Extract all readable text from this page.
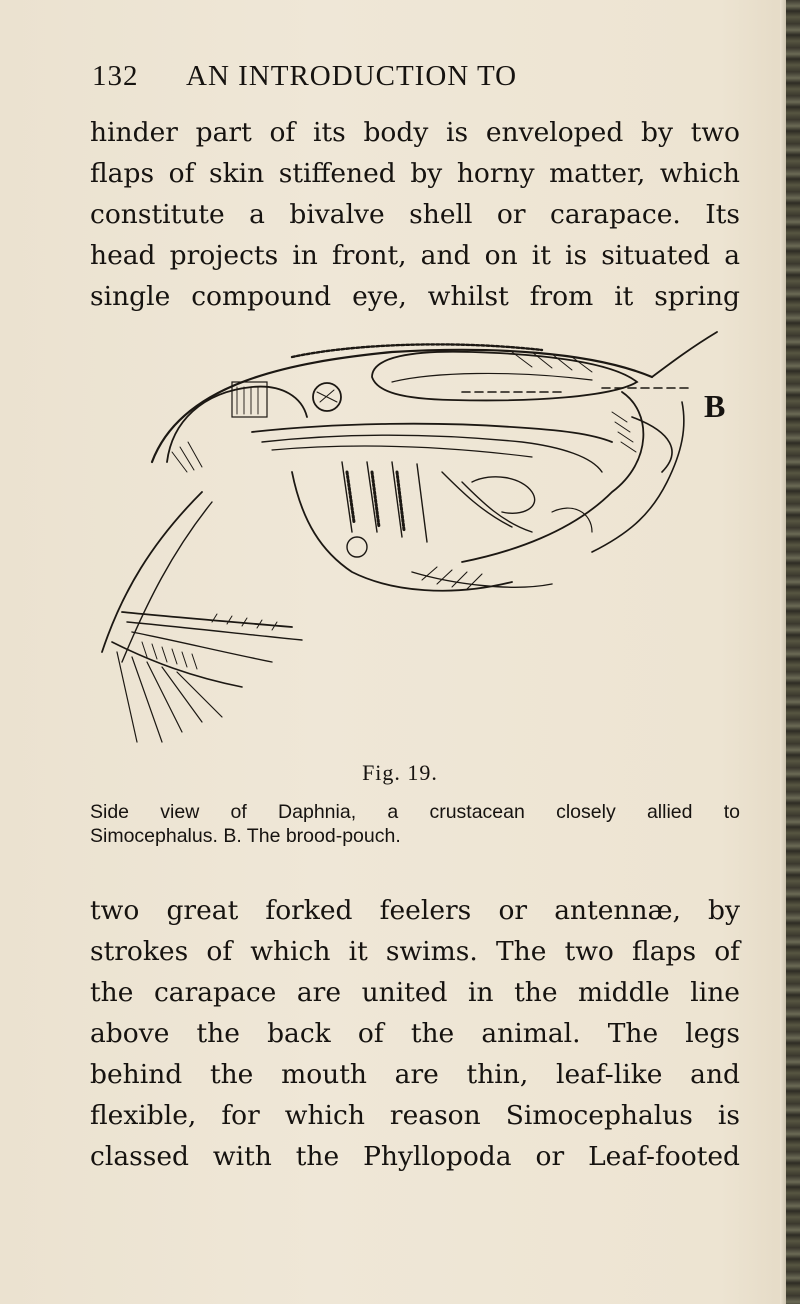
132 AN INTRODUCTION TO
hinder part of its body is enveloped by two
flaps of skin stiffened by horny matter, which
constitute a bivalve shell or carapace. Its
head projects in front, and on it is situated a
single compound eye, whilst from it spring
B
Fig. 19.
Side view of Daphnia, a crustacean closely allied to
Simocephalus. B. The brood-pouch.
two great forked feelers or antennæ, by
strokes of which it swims. The two flaps of
the carapace are united in the middle line
above the back of the animal. The legs
behind the mouth are thin, leaf-like and
flexible, for which reason Simocephalus is
classed with the Phyllopoda or Leaf-footed
